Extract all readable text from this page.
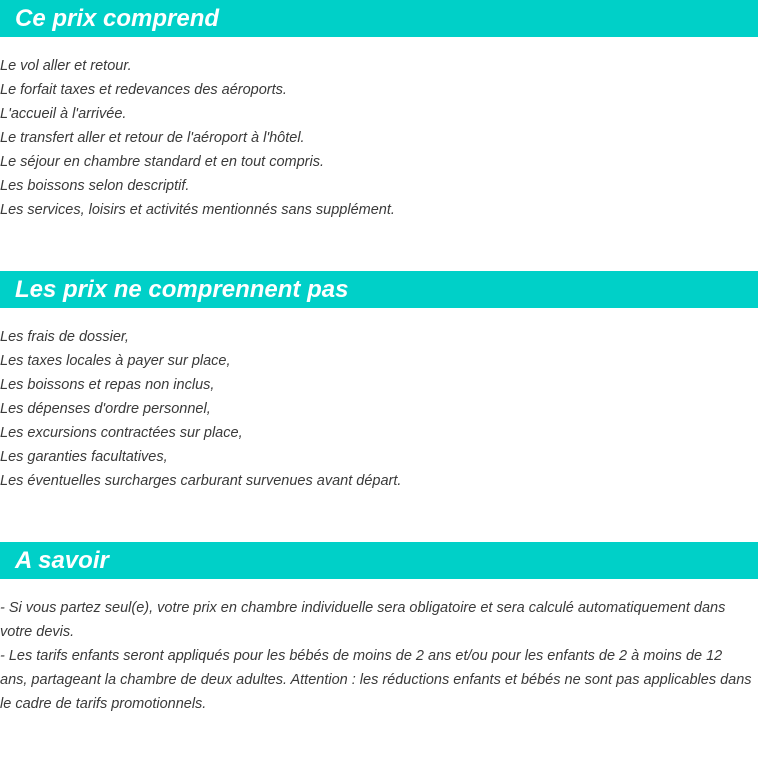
Ce prix comprend

Le vol aller et retour.

Le forfait taxes et redevances des aéroports.

L'accueil à l'arrivée.

Le transfert aller et retour de l'aéroport à l'hôtel.

Le séjour en chambre standard et en tout compris.

Les boissons selon descriptif.

Les services, loisirs et activités mentionnés sans supplément.

Les prix ne comprennent pas

Les frais de dossier,

Les taxes locales à payer sur place,

Les boissons et repas non inclus,

Les dépenses d'ordre personnel,

Les excursions contractées sur place,

Les garanties facultatives,

Les éventuelles surcharges carburant survenues avant départ.

A savoir

- Si vous partez seul(e), votre prix en chambre individuelle sera obligatoire et sera calculé automatiquement dans votre devis.

- Les tarifs enfants seront appliqués pour les bébés de moins de 2 ans et/ou pour les enfants de 2 à moins de 12 ans, partageant la chambre de deux adultes. Attention : les réductions enfants et bébés ne sont pas applicables dans le cadre de tarifs promotionnels.
